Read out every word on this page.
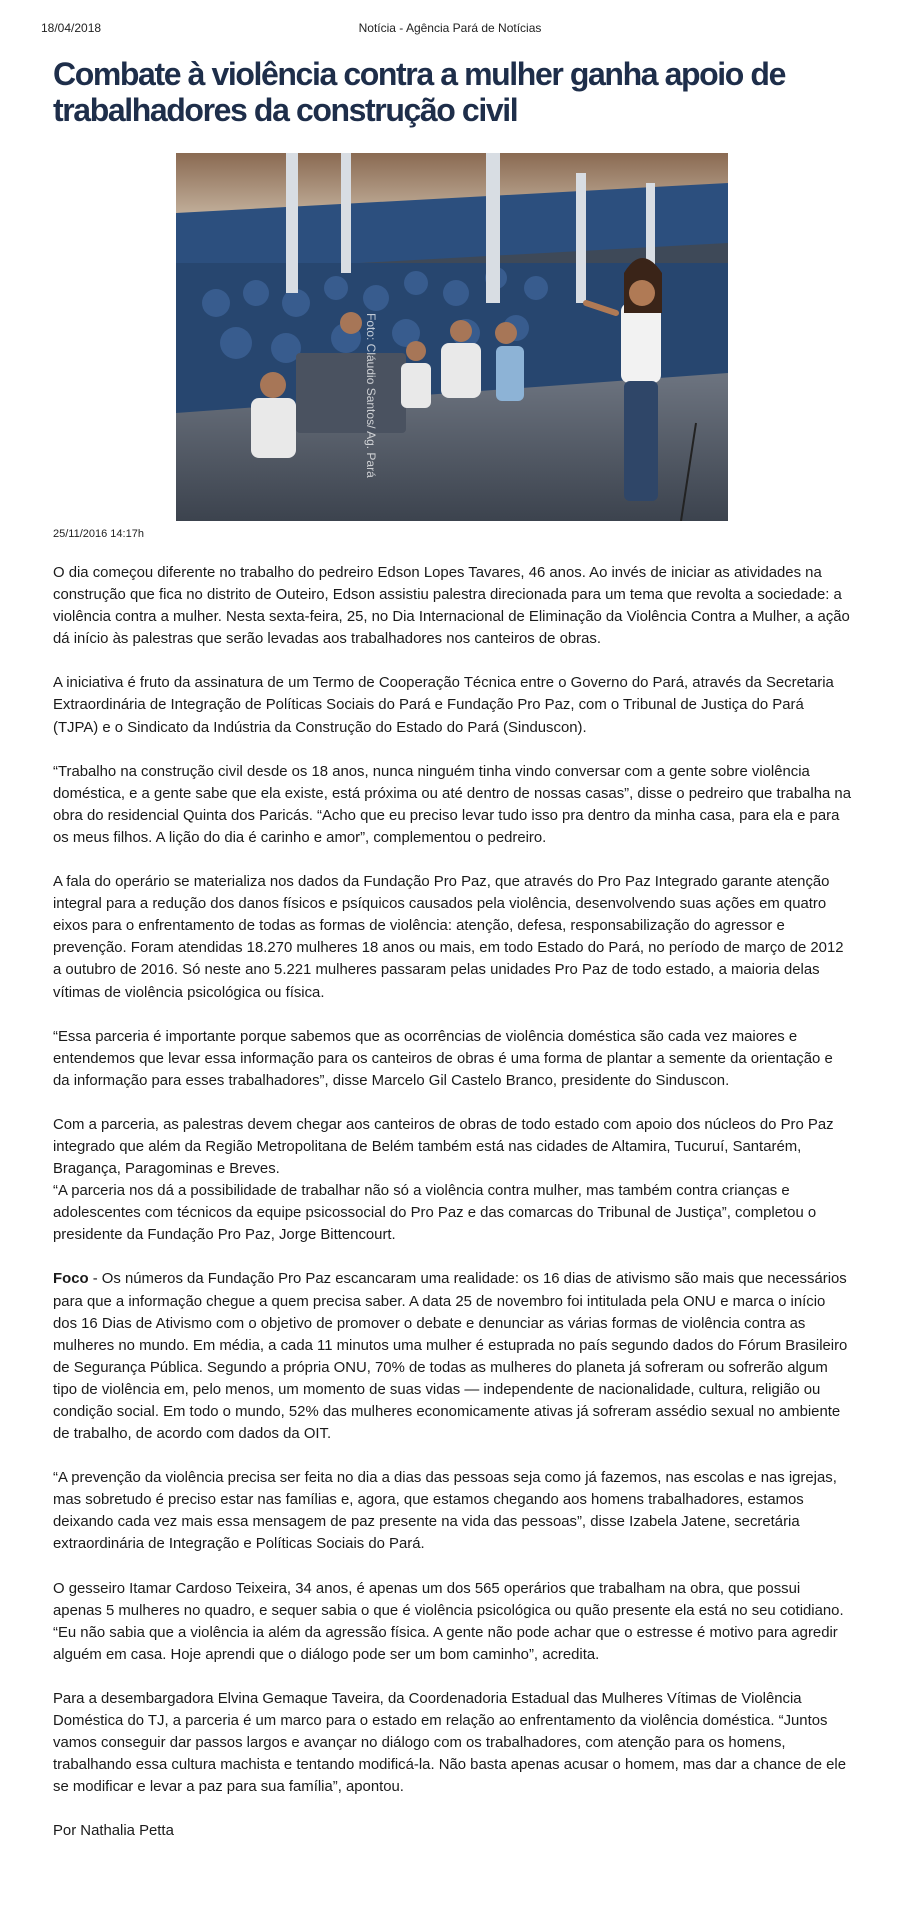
18/04/2018	Notícia - Agência Pará de Notícias
Combate à violência contra a mulher ganha apoio de trabalhadores da construção civil
Foto: Cláudio Santos/ Ag. Pará
25/11/2016 14:17h

O dia começou diferente no trabalho do pedreiro Edson Lopes Tavares, 46 anos. Ao invés de iniciar as atividades na construção que fica no distrito de Outeiro, Edson assistiu palestra direcionada para um tema que revolta a sociedade: a violência contra a mulher. Nesta sexta-feira, 25, no Dia Internacional de Eliminação da Violência Contra a Mulher, a ação dá início às palestras que serão levadas aos trabalhadores nos canteiros de obras.

A iniciativa é fruto da assinatura de um Termo de Cooperação Técnica entre o Governo do Pará, através da Secretaria Extraordinária de Integração de Políticas Sociais do Pará e Fundação Pro Paz, com o Tribunal de Justiça do Pará (TJPA) e o Sindicato da Indústria da Construção do Estado do Pará (Sinduscon).

“Trabalho na construção civil desde os 18 anos, nunca ninguém tinha vindo conversar com a gente sobre violência doméstica, e a gente sabe que ela existe, está próxima ou até dentro de nossas casas”, disse o pedreiro que trabalha na obra do residencial Quinta dos Paricás. “Acho que eu preciso levar tudo isso pra dentro da minha casa, para ela e para os meus filhos. A lição do dia é carinho e amor”, complementou o pedreiro.

A fala do operário se materializa nos dados da Fundação Pro Paz, que através do Pro Paz Integrado garante atenção integral para a redução dos danos físicos e psíquicos causados pela violência, desenvolvendo suas ações em quatro eixos para o enfrentamento de todas as formas de violência: atenção, defesa, responsabilização do agressor e prevenção. Foram atendidas 18.270 mulheres 18 anos ou mais, em todo Estado do Pará, no período de março de 2012 a outubro de 2016. Só neste ano 5.221 mulheres passaram pelas unidades Pro Paz de todo estado, a maioria delas vítimas de violência psicológica ou física.

“Essa parceria é importante porque sabemos que as ocorrências de violência doméstica são cada vez maiores e entendemos que levar essa informação para os canteiros de obras é uma forma de plantar a semente da orientação e da informação para esses trabalhadores”, disse Marcelo Gil Castelo Branco, presidente do Sinduscon.

Com a parceria, as palestras devem chegar aos canteiros de obras de todo estado com apoio dos núcleos do Pro Paz integrado que além da Região Metropolitana de Belém também está nas cidades de Altamira, Tucuruí, Santarém, Bragança, Paragominas e Breves.

“A parceria nos dá a possibilidade de trabalhar não só a violência contra mulher, mas também contra crianças e adolescentes com técnicos da equipe psicossocial do Pro Paz e das comarcas do Tribunal de Justiça”, completou o presidente da Fundação Pro Paz, Jorge Bittencourt.

Foco - Os números da Fundação Pro Paz escancaram uma realidade: os 16 dias de ativismo são mais que necessários para que a informação chegue a quem precisa saber. A data 25 de novembro foi intitulada pela ONU e marca o início dos 16 Dias de Ativismo com o objetivo de promover o debate e denunciar as várias formas de violência contra as mulheres no mundo. Em média, a cada 11 minutos uma mulher é estuprada no país segundo dados do Fórum Brasileiro de Segurança Pública. Segundo a própria ONU, 70% de todas as mulheres do planeta já sofreram ou sofrerão algum tipo de violência em, pelo menos, um momento de suas vidas — independente de nacionalidade, cultura, religião ou condição social. Em todo o mundo, 52% das mulheres economicamente ativas já sofreram assédio sexual no ambiente de trabalho, de acordo com dados da OIT.

“A prevenção da violência precisa ser feita no dia a dias das pessoas seja como já fazemos, nas escolas e nas igrejas, mas sobretudo é preciso estar nas famílias e, agora, que estamos chegando aos homens trabalhadores, estamos deixando cada vez mais essa mensagem de paz presente na vida das pessoas”, disse Izabela Jatene, secretária extraordinária de Integração e Políticas Sociais do Pará.

O gesseiro Itamar Cardoso Teixeira, 34 anos, é apenas um dos 565 operários que trabalham na obra, que possui apenas 5 mulheres no quadro, e sequer sabia o que é violência psicológica ou quão presente ela está no seu cotidiano. “Eu não sabia que a violência ia além da agressão física. A gente não pode achar que o estresse é motivo para agredir alguém em casa. Hoje aprendi que o diálogo pode ser um bom caminho”, acredita.

Para a desembargadora Elvina Gemaque Taveira, da Coordenadoria Estadual das Mulheres Vítimas de Violência Doméstica do TJ, a parceria é um marco para o estado em relação ao enfrentamento da violência doméstica. “Juntos vamos conseguir dar passos largos e avançar no diálogo com os trabalhadores, com atenção para os homens, trabalhando essa cultura machista e tentando modificá-la. Não basta apenas acusar o homem, mas dar a chance de ele se modificar e levar a paz para sua família”, apontou.

Por Nathalia Petta
